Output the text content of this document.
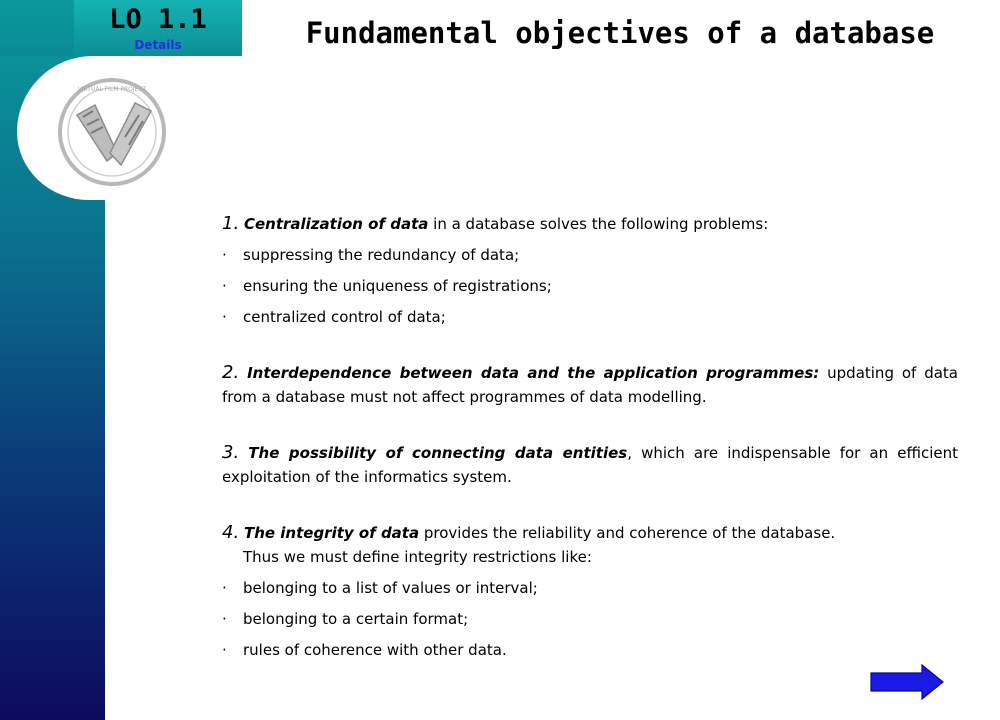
LO 1.1
Details
VIRTUAL FILM PROJECT
Fundamental objectives of a database
1. Centralization of data in a database solves the following problems:
·	suppressing the redundancy of data;
·	ensuring the uniqueness of registrations;
·	centralized control of data;
2. Interdependence between data and the application programmes: updating of data from a database must not affect programmes of data modelling.
3. The possibility of connecting data entities, which are indispensable for an efficient exploitation of the informatics system.
4. The integrity of data provides the reliability and coherence of the database.
Thus we must define integrity restrictions like:
·	belonging to a list of values or interval;
·	belonging to a certain format;
·	rules of coherence with other data.
